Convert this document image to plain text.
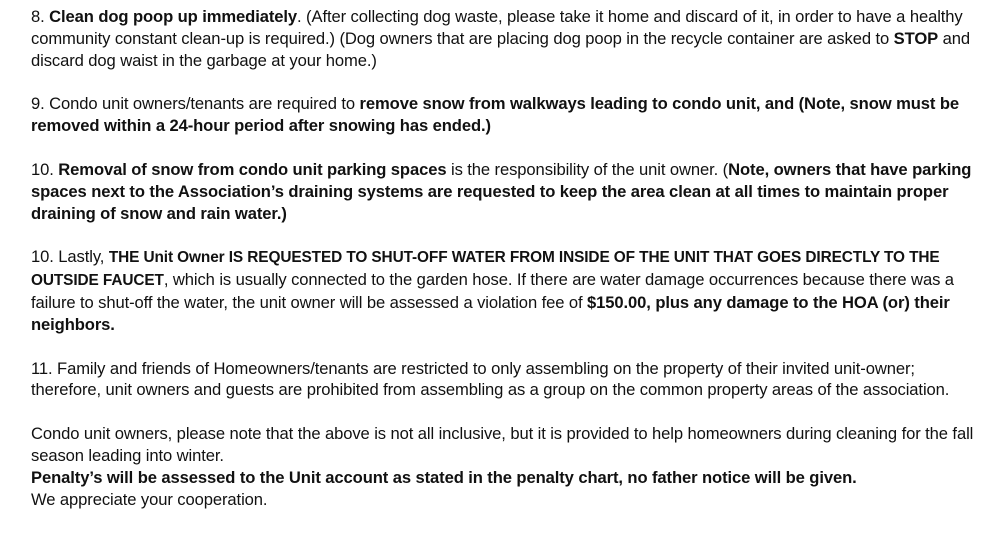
8. Clean dog poop up immediately. (After collecting dog waste, please take it home and discard of it, in order to have a healthy community constant clean-up is required.) (Dog owners that are placing dog poop in the recycle container are asked to STOP and discard dog waist in the garbage at your home.)

9. Condo unit owners/tenants are required to remove snow from walkways leading to condo unit, and (Note, snow must be removed within a 24-hour period after snowing has ended.)

10. Removal of snow from condo unit parking spaces is the responsibility of the unit owner. (Note, owners that have parking spaces next to the Association’s draining systems are requested to keep the area clean at all times to maintain proper draining of snow and rain water.)

10. Lastly, THE Unit Owner IS REQUESTED TO SHUT-OFF WATER FROM INSIDE OF THE UNIT THAT GOES DIRECTLY TO THE OUTSIDE FAUCET, which is usually connected to the garden hose. If there are water damage occurrences because there was a failure to shut-off the water, the unit owner will be assessed a violation fee of $150.00, plus any damage to the HOA (or) their neighbors.

11. Family and friends of Homeowners/tenants are restricted to only assembling on the property of their invited unit-owner; therefore, unit owners and guests are prohibited from assembling as a group on the common property areas of the association.

Condo unit owners, please note that the above is not all inclusive, but it is provided to help homeowners during cleaning for the fall season leading into winter.
Penalty’s will be assessed to the Unit account as stated in the penalty chart, no father notice will be given.
We appreciate your cooperation.
